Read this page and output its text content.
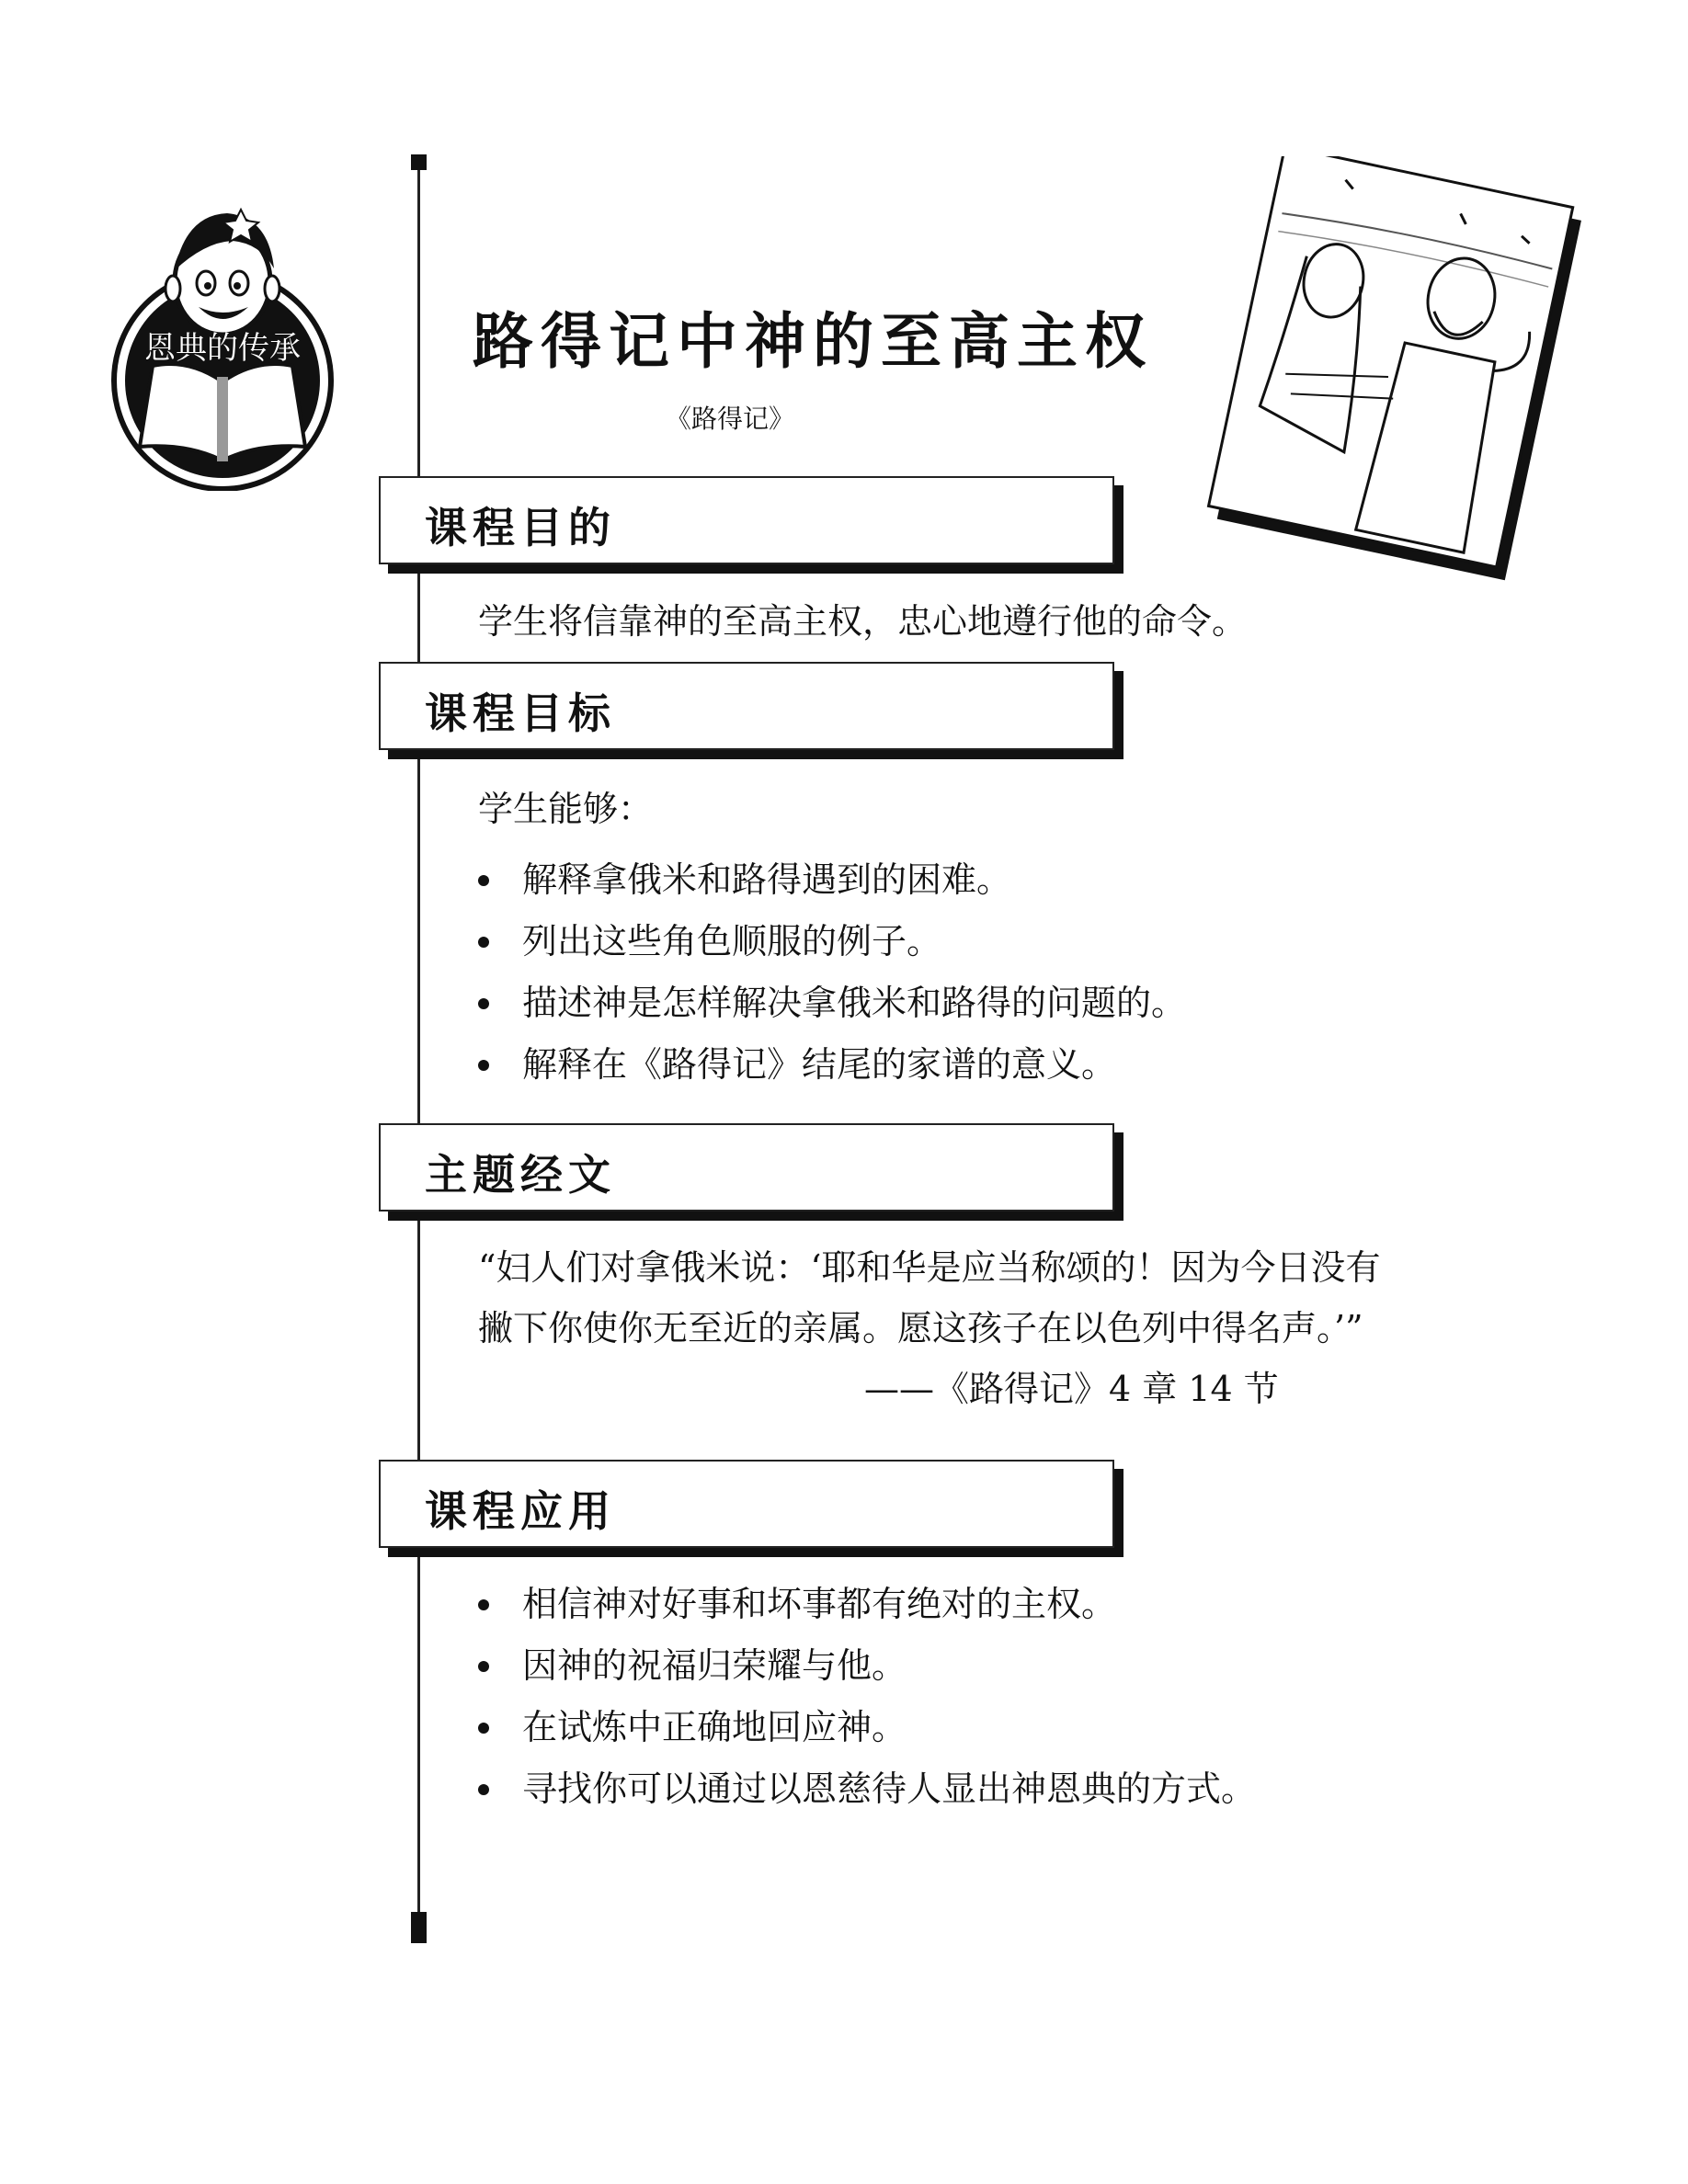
恩典的传承	路得记中神的至高主权
《路得记》
课程目的
学生将信靠神的至高主权，忠心地遵行他的命令。
课程目标
学生能够：
解释拿俄米和路得遇到的困难。
列出这些角色顺服的例子。
描述神是怎样解决拿俄米和路得的问题的。
解释在《路得记》结尾的家谱的意义。
主题经文
“妇人们对拿俄米说：‘耶和华是应当称颂的！因为今日没有
撇下你使你无至近的亲属。愿这孩子在以色列中得名声。’”
——《路得记》4 章 14 节
课程应用
相信神对好事和坏事都有绝对的主权。
因神的祝福归荣耀与他。
在试炼中正确地回应神。
寻找你可以通过以恩慈待人显出神恩典的方式。
